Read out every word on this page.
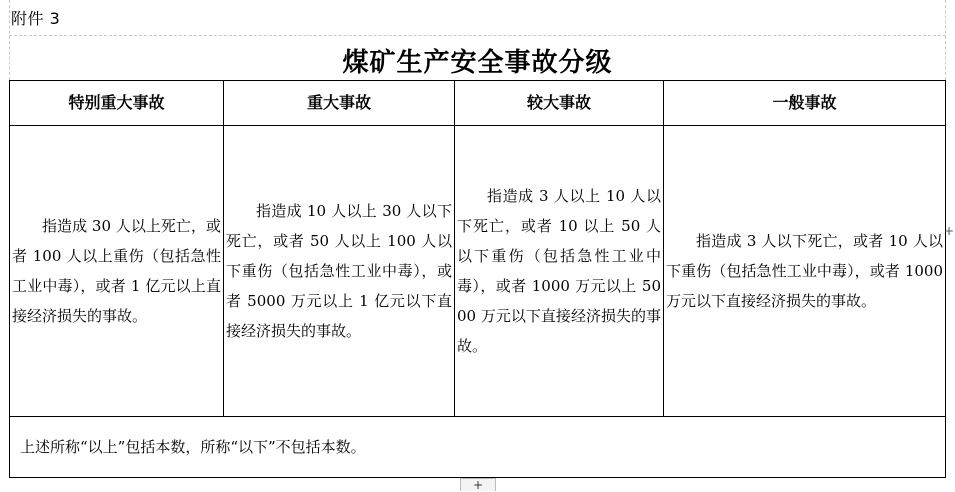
附件 3
煤矿生产安全事故分级
特别重大事故	重大事故	较大事故	一般事故

指造成 30 人以上死亡，或者 100 人以上重伤（包括急性工业中毒），或者 1 亿元以上直接经济损失的事故。	指造成 10 人以上 30 人以下死亡，或者 50 人以上 100 人以下重伤（包括急性工业中毒），或者 5000 万元以上 1 亿元以下直接经济损失的事故。	指造成 3 人以上 10 人以下死亡，或者 10 以上 50 人以下重伤（包括急性工业中毒），或者 1000 万元以上 5000 万元以下直接经济损失的事故。	指造成 3 人以下死亡，或者 10 人以下重伤（包括急性工业中毒），或者 1000 万元以下直接经济损失的事故。

上述所称“以上”包括本数，所称“以下”不包括本数。			
+
+
